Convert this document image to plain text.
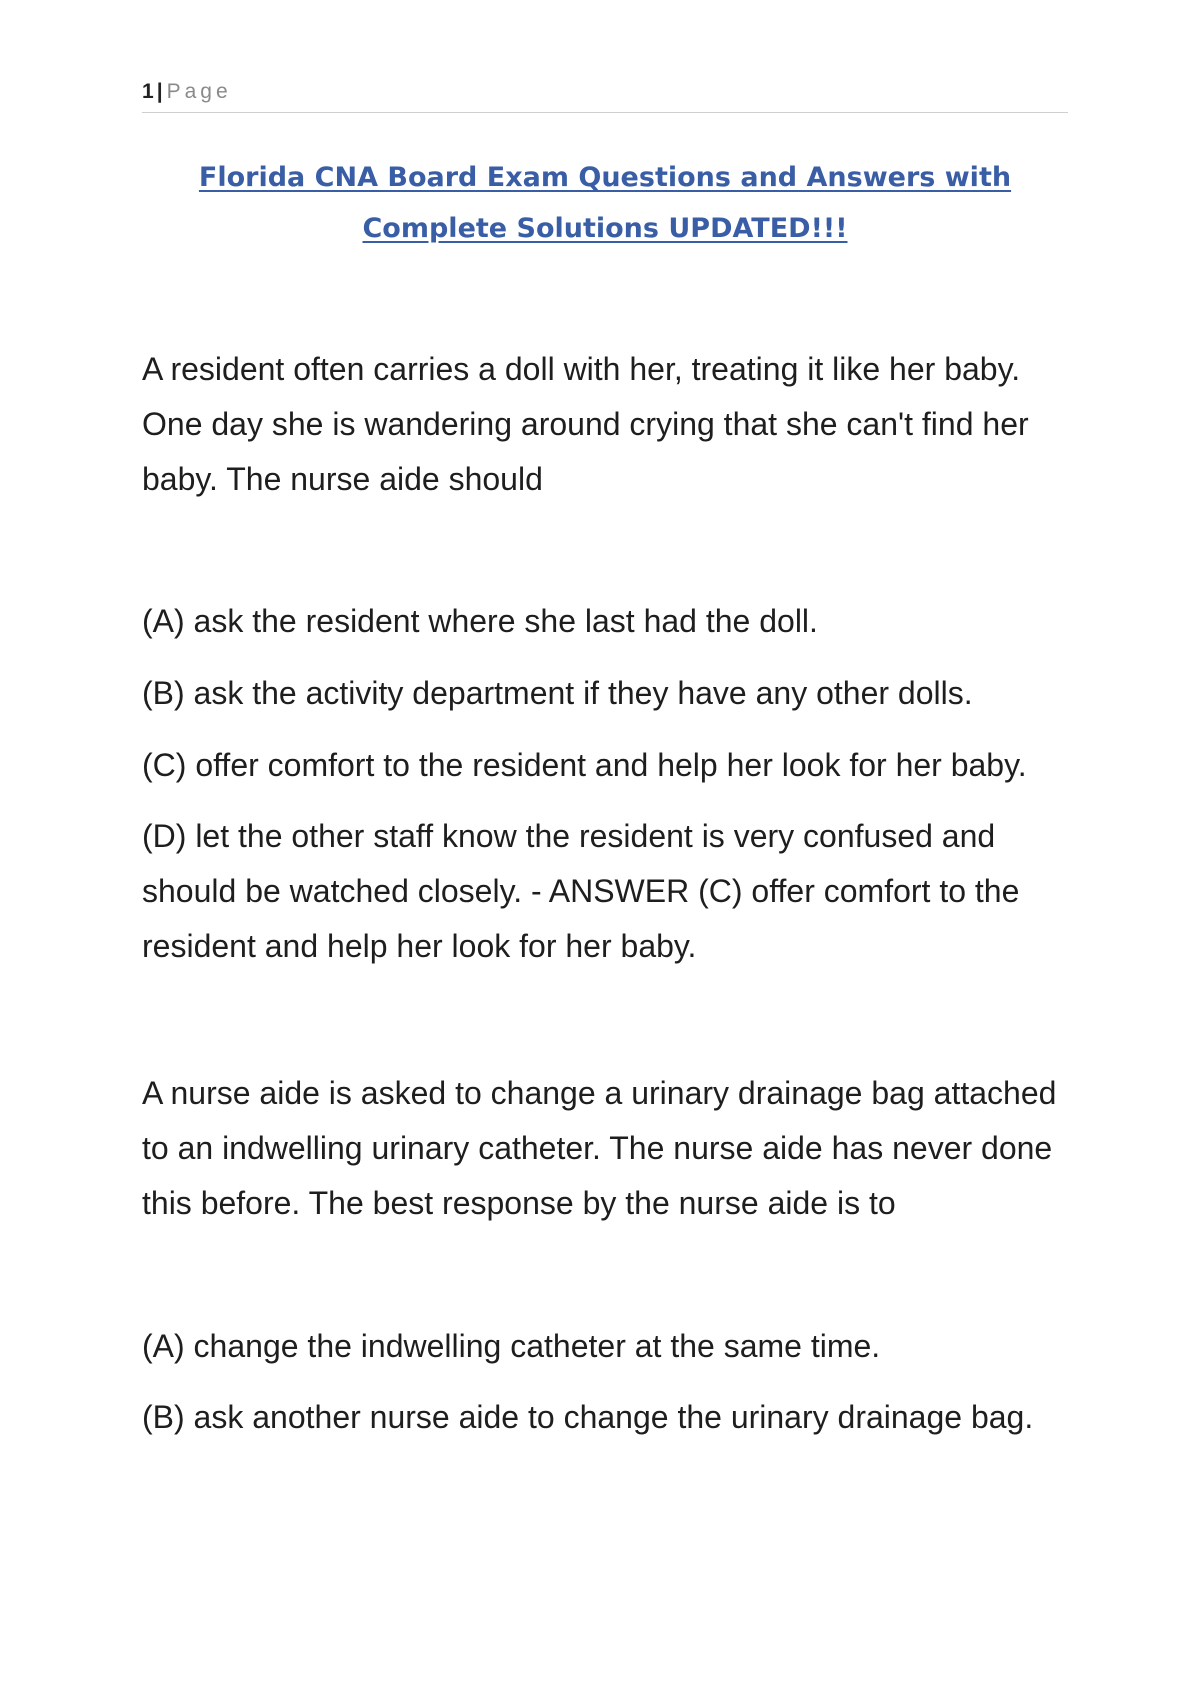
1 | Page
Florida CNA Board Exam Questions and Answers with
Complete Solutions UPDATED!!!

A resident often carries a doll with her, treating it like her baby. One day she is wandering around crying that she can't find her baby. The nurse aide should

(A) ask the resident where she last had the doll.

(B) ask the activity department if they have any other dolls.

(C) offer comfort to the resident and help her look for her baby.

(D) let the other staff know the resident is very confused and should be watched closely. - ANSWER (C) offer comfort to the resident and help her look for her baby.

A nurse aide is asked to change a urinary drainage bag attached to an indwelling urinary catheter. The nurse aide has never done this before. The best response by the nurse aide is to

(A) change the indwelling catheter at the same time.

(B) ask another nurse aide to change the urinary drainage bag.
